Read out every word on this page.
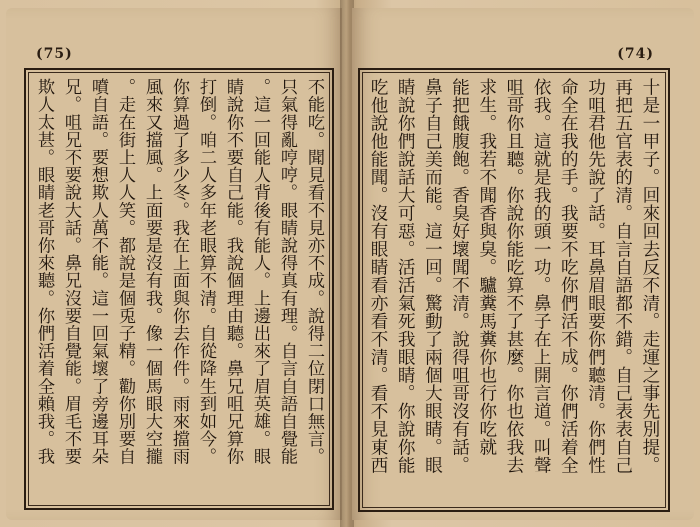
(75)
不能吃。聞見看不見亦不成。說得二位閉口無言。
只氣得亂哼哼。眼睛說得真有理。自言自語自覺能
。這一回能人背後有能人。上邊出來了眉英雄。眼
睛說你不要自己能。我說個理由聽。鼻兄咀兄算你
打倒。咱二人多年老眼算不清。自從降生到如今。
你算過了多少冬。我在上面與你去作件。雨來擋雨
風來又擋風。上面要是沒有我。像一個馬眼大空攏
。走在街上人人笑。都說是個兎子精。勸你別要自
噴自語。要想欺人萬不能。這一回氣壞了旁邊耳朵
兄。咀兄不要說大話。鼻兄沒要自覺能。眉毛不要
欺人太甚。眼睛老哥你來聽。你們活着全賴我。我
(74)
十是一甲子。回來回去反不清。走運之事先別提。
再把五官表的清。自言自語都不錯。自己表表自己
功咀君他先說了話。耳鼻眉眼要你們聽清。你們性
命全在我的手。我要不吃你們活不成。你們活着全
依我。這就是我的頭一功。鼻子在上開言道。叫聲
咀哥你且聽。你說你能吃算不了甚麼。你也依我去
求生。我若不聞香與臭。驢糞馬糞你也行你吃就
能把餓腹飽。香臭好壞聞不清。說得咀哥沒有話。
鼻子自己美而能。這一回。驚動了兩個大眼睛。眼
睛說你們說話大可惡。活活氣死我眼睛。你說你能
吃他說他能聞。沒有眼睛看亦看不清。看不見東西
